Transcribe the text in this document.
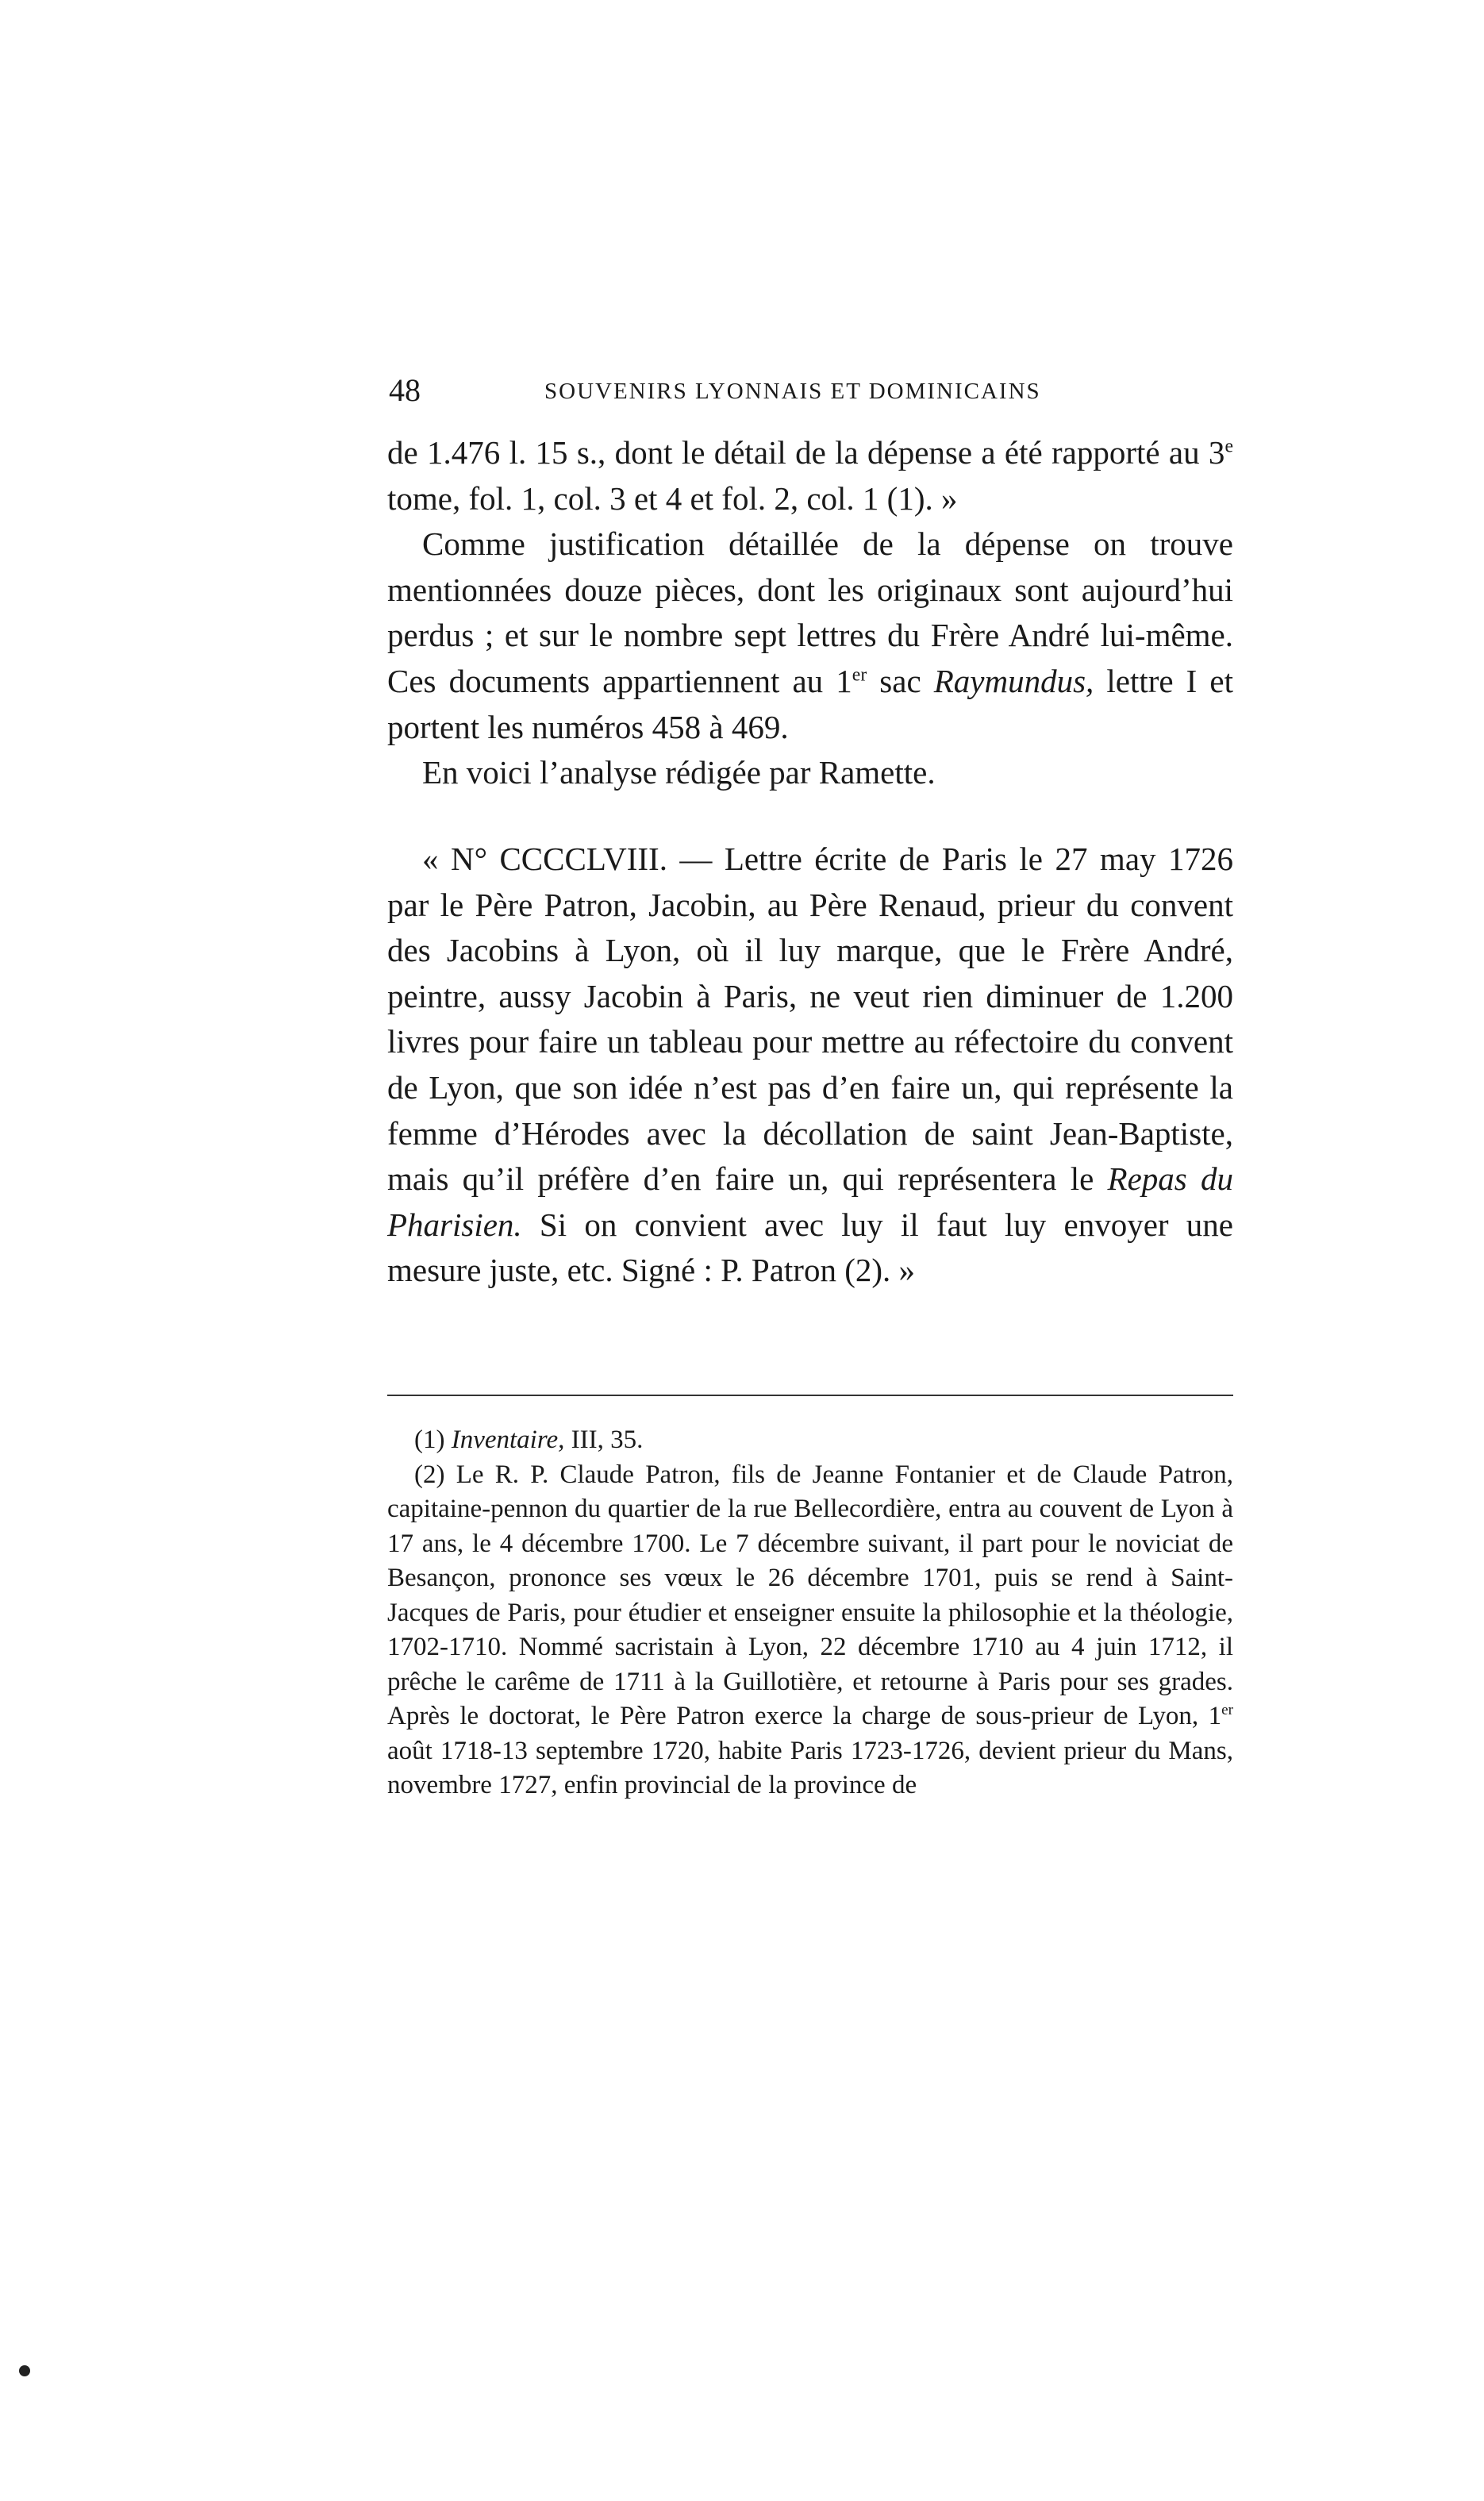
48	SOUVENIRS LYONNAIS ET DOMINICAINS

de 1.476 l. 15 s., dont le détail de la dépense a été rapporté au 3e tome, fol. 1, col. 3 et 4 et fol. 2, col. 1 (1). »

Comme justification détaillée de la dépense on trouve mentionnées douze pièces, dont les originaux sont aujourd’hui perdus ; et sur le nombre sept lettres du Frère André lui-même. Ces documents appartiennent au 1er sac Raymundus, lettre I et portent les numéros 458 à 469.

En voici l’analyse rédigée par Ramette.

« N° CCCCLVIII. — Lettre écrite de Paris le 27 may 1726 par le Père Patron, Jacobin, au Père Renaud, prieur du convent des Jacobins à Lyon, où il luy marque, que le Frère André, peintre, aussy Jacobin à Paris, ne veut rien diminuer de 1.200 livres pour faire un tableau pour mettre au réfectoire du convent de Lyon, que son idée n’est pas d’en faire un, qui représente la femme d’Hérodes avec la décollation de saint Jean-Baptiste, mais qu’il préfère d’en faire un, qui représentera le Repas du Pharisien. Si on convient avec luy il faut luy envoyer une mesure juste, etc. Signé : P. Patron (2). »

(1) Inventaire, III, 35.

(2) Le R. P. Claude Patron, fils de Jeanne Fontanier et de Claude Patron, capitaine-pennon du quartier de la rue Bellecordière, entra au couvent de Lyon à 17 ans, le 4 décembre 1700. Le 7 décembre suivant, il part pour le noviciat de Besançon, prononce ses vœux le 26 décembre 1701, puis se rend à Saint-Jacques de Paris, pour étudier et enseigner ensuite la philosophie et la théologie, 1702-1710. Nommé sacristain à Lyon, 22 décembre 1710 au 4 juin 1712, il prêche le carême de 1711 à la Guillotière, et retourne à Paris pour ses grades. Après le doctorat, le Père Patron exerce la charge de sous-prieur de Lyon, 1er août 1718-13 septembre 1720, habite Paris 1723-1726, devient prieur du Mans, novembre 1727, enfin provincial de la province de
